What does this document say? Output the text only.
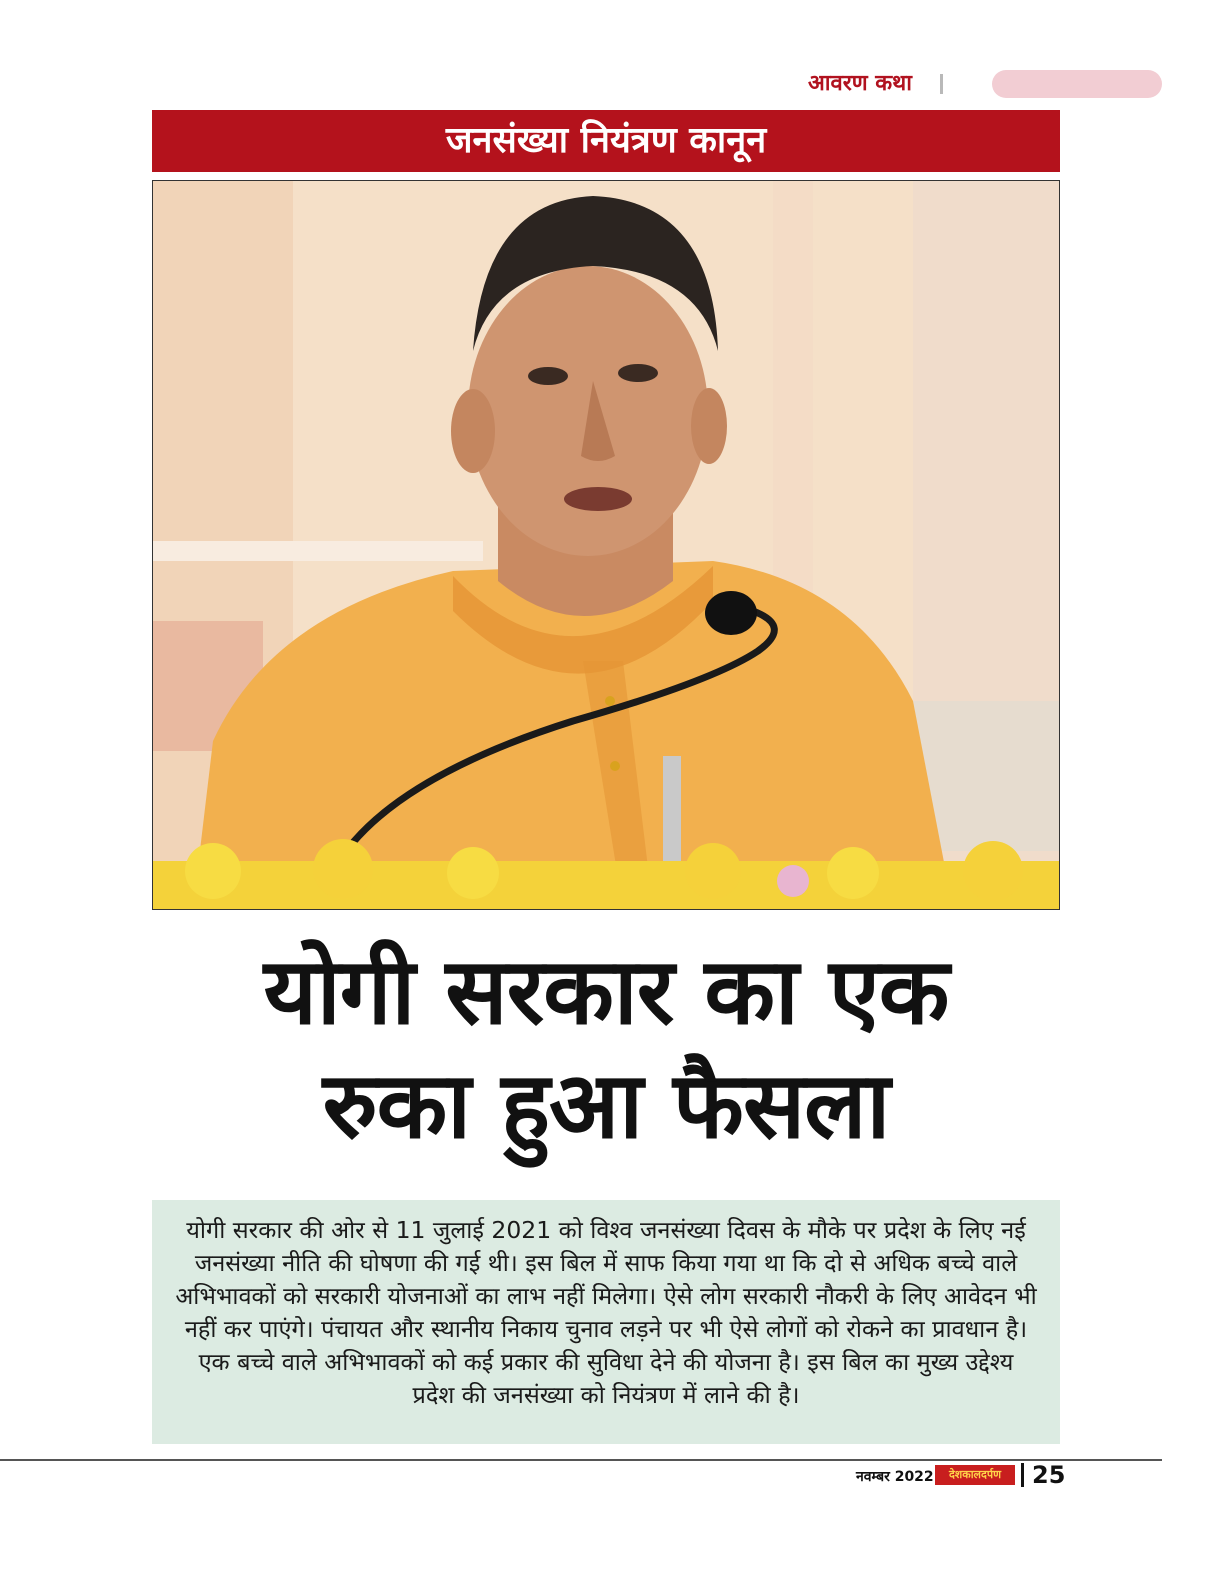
आवरण कथा
जनसंख्या नियंत्रण कानून
योगी सरकार का एक
रुका हुआ फैसला
योगी सरकार की ओर से 11 जुलाई 2021 को विश्व जनसंख्या दिवस के मौके पर प्रदेश के लिए नई जनसंख्या नीति की घोषणा की गई थी। इस बिल में साफ किया गया था कि दो से अधिक बच्चे वाले अभिभावकों को सरकारी योजनाओं का लाभ नहीं मिलेगा। ऐसे लोग सरकारी नौकरी के लिए आवेदन भी नहीं कर पाएंगे। पंचायत और स्थानीय निकाय चुनाव लड़ने पर भी ऐसे लोगों को रोकने का प्रावधान है। एक बच्चे वाले अभिभावकों को कई प्रकार की सुविधा देने की योजना है। इस बिल का मुख्य उद्देश्य प्रदेश की जनसंख्या को नियंत्रण में लाने की है।
नवम्बर 2022	देशकालदर्पण	25
